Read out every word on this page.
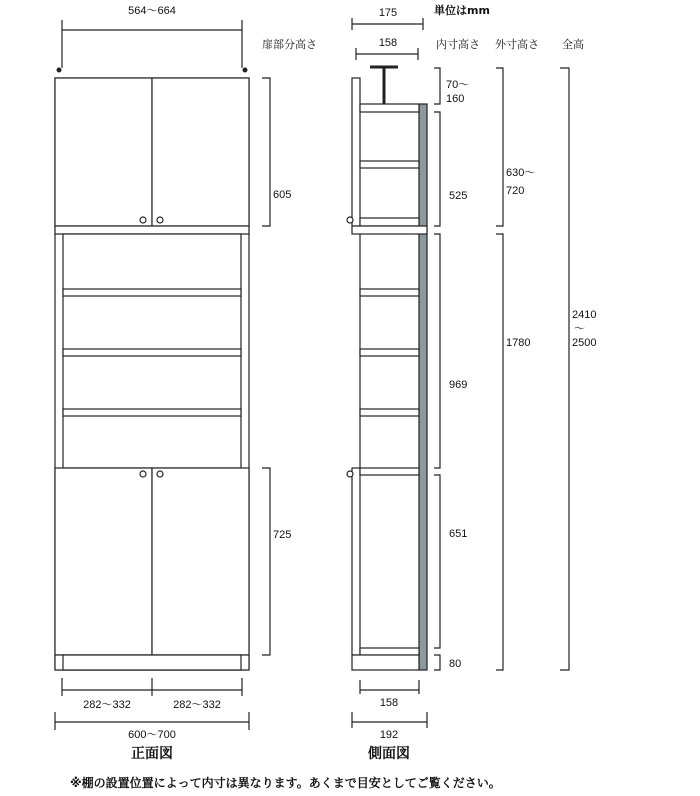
564～664
605
725
282～332	282～332
600～700
正面図
175
158
158
192
側面図
70～
160
525
969
651
80
630～
720
1780
2410
～
2500
扉部分高さ	内寸高さ 外寸高さ 全高
単位はmm
※棚の設置位置によって内寸は異なります。あくまで目安としてご覧ください。
